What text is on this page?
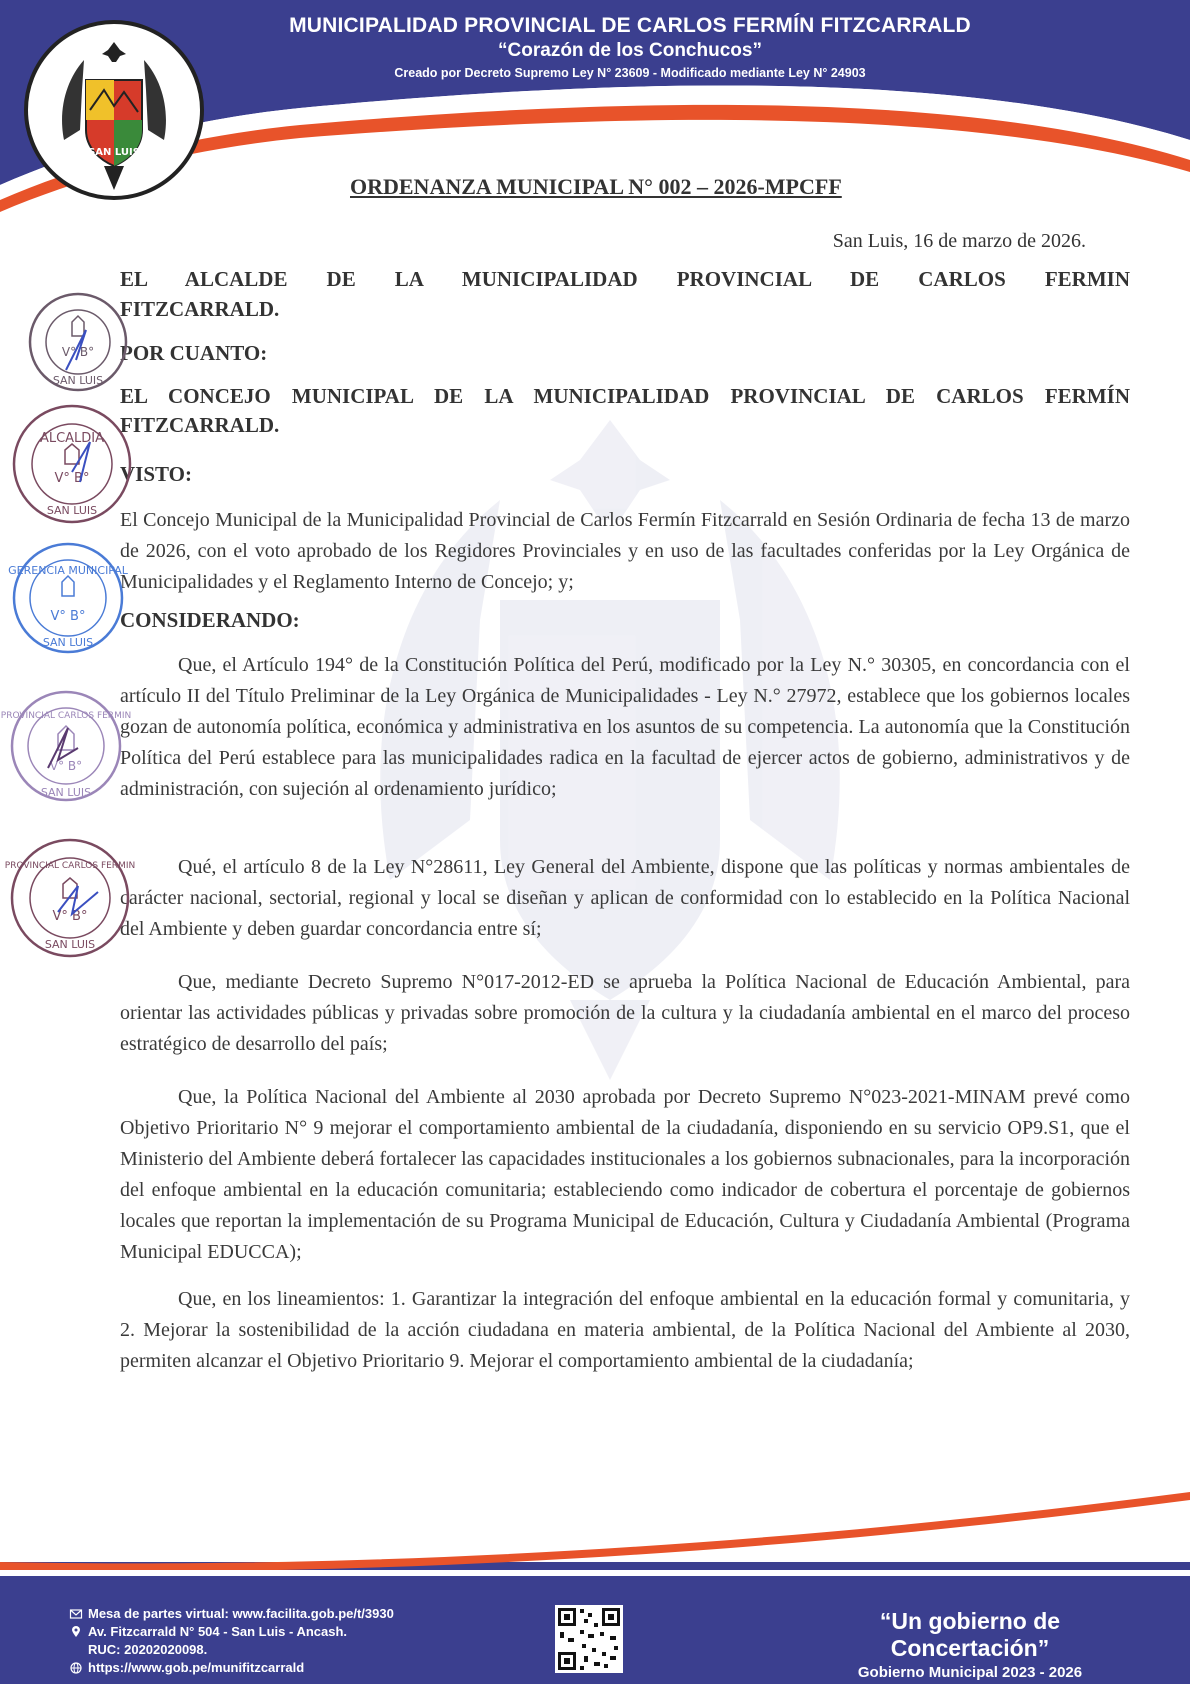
MUNICIPALIDAD PROVINCIAL DE CARLOS FERMÍN FITZCARRALD
“Corazón de los Conchucos”
Creado por Decreto Supremo Ley N° 23609 - Modificado mediante Ley N° 24903
SAN LUIS
ORDENANZA MUNICIPAL N° 002 – 2026-MPCFF
San Luis, 16 de marzo de 2026.
EL ALCALDE DE LA MUNICIPALIDAD PROVINCIAL DE CARLOS FERMIN
FITZCARRALD.
POR CUANTO:
EL CONCEJO MUNICIPAL DE LA MUNICIPALIDAD PROVINCIAL DE CARLOS FERMÍN
FITZCARRALD.
VISTO:
El Concejo Municipal de la Municipalidad Provincial de Carlos Fermín Fitzcarrald en Sesión Ordinaria de fecha 13 de marzo de 2026, con el voto aprobado de los Regidores Provinciales y en uso de las facultades conferidas por la Ley Orgánica de Municipalidades y el Reglamento Interno de Concejo; y;
CONSIDERANDO:
Que, el Artículo 194° de la Constitución Política del Perú, modificado por la Ley N.° 30305, en concordancia con el artículo II del Título Preliminar de la Ley Orgánica de Municipalidades - Ley N.° 27972, establece que los gobiernos locales gozan de autonomía política, económica y administrativa en los asuntos de su competencia. La autonomía que la Constitución Política del Perú establece para las municipalidades radica en la facultad de ejercer actos de gobierno, administrativos y de administración, con sujeción al ordenamiento jurídico;
Qué, el artículo 8 de la Ley N°28611, Ley General del Ambiente, dispone que las políticas y normas ambientales de carácter nacional, sectorial, regional y local se diseñan y aplican de conformidad con lo establecido en la Política Nacional del Ambiente y deben guardar concordancia entre sí;
Que, mediante Decreto Supremo N°017-2012-ED se aprueba la Política Nacional de Educación Ambiental, para orientar las actividades públicas y privadas sobre promoción de la cultura y la ciudadanía ambiental en el marco del proceso estratégico de desarrollo del país;
Que, la Política Nacional del Ambiente al 2030 aprobada por Decreto Supremo N°023-2021-MINAM prevé como Objetivo Prioritario N° 9 mejorar el comportamiento ambiental de la ciudadanía, disponiendo en su servicio OP9.S1, que el Ministerio del Ambiente deberá fortalecer las capacidades institucionales a los gobiernos subnacionales, para la incorporación del enfoque ambiental en la educación comunitaria; estableciendo como indicador de cobertura el porcentaje de gobiernos locales que reportan la implementación de su Programa Municipal de Educación, Cultura y Ciudadanía Ambiental (Programa Municipal EDUCCA);
Que, en los lineamientos: 1. Garantizar la integración del enfoque ambiental en la educación formal y comunitaria, y 2. Mejorar la sostenibilidad de la acción ciudadana en materia ambiental, de la Política Nacional del Ambiente al 2030, permiten alcanzar el Objetivo Prioritario 9. Mejorar el comportamiento ambiental de la ciudadanía;
V° B°
SAN LUIS
ALCALDIA
V° B°
SAN LUIS
GERENCIA MUNICIPAL
V° B°
SAN LUIS
PROVINCIAL CARLOS FERMIN
V° B°
SAN LUIS
PROVINCIAL CARLOS FERMIN
V° B°
SAN LUIS
Mesa de partes virtual: www.facilita.gob.pe/t/3930
Av. Fitzcarrald N° 504 - San Luis - Ancash.
RUC: 20202020098.
https://www.gob.pe/munifitzcarrald
“Un gobierno de Concertación”
Gobierno Municipal 2023 - 2026
